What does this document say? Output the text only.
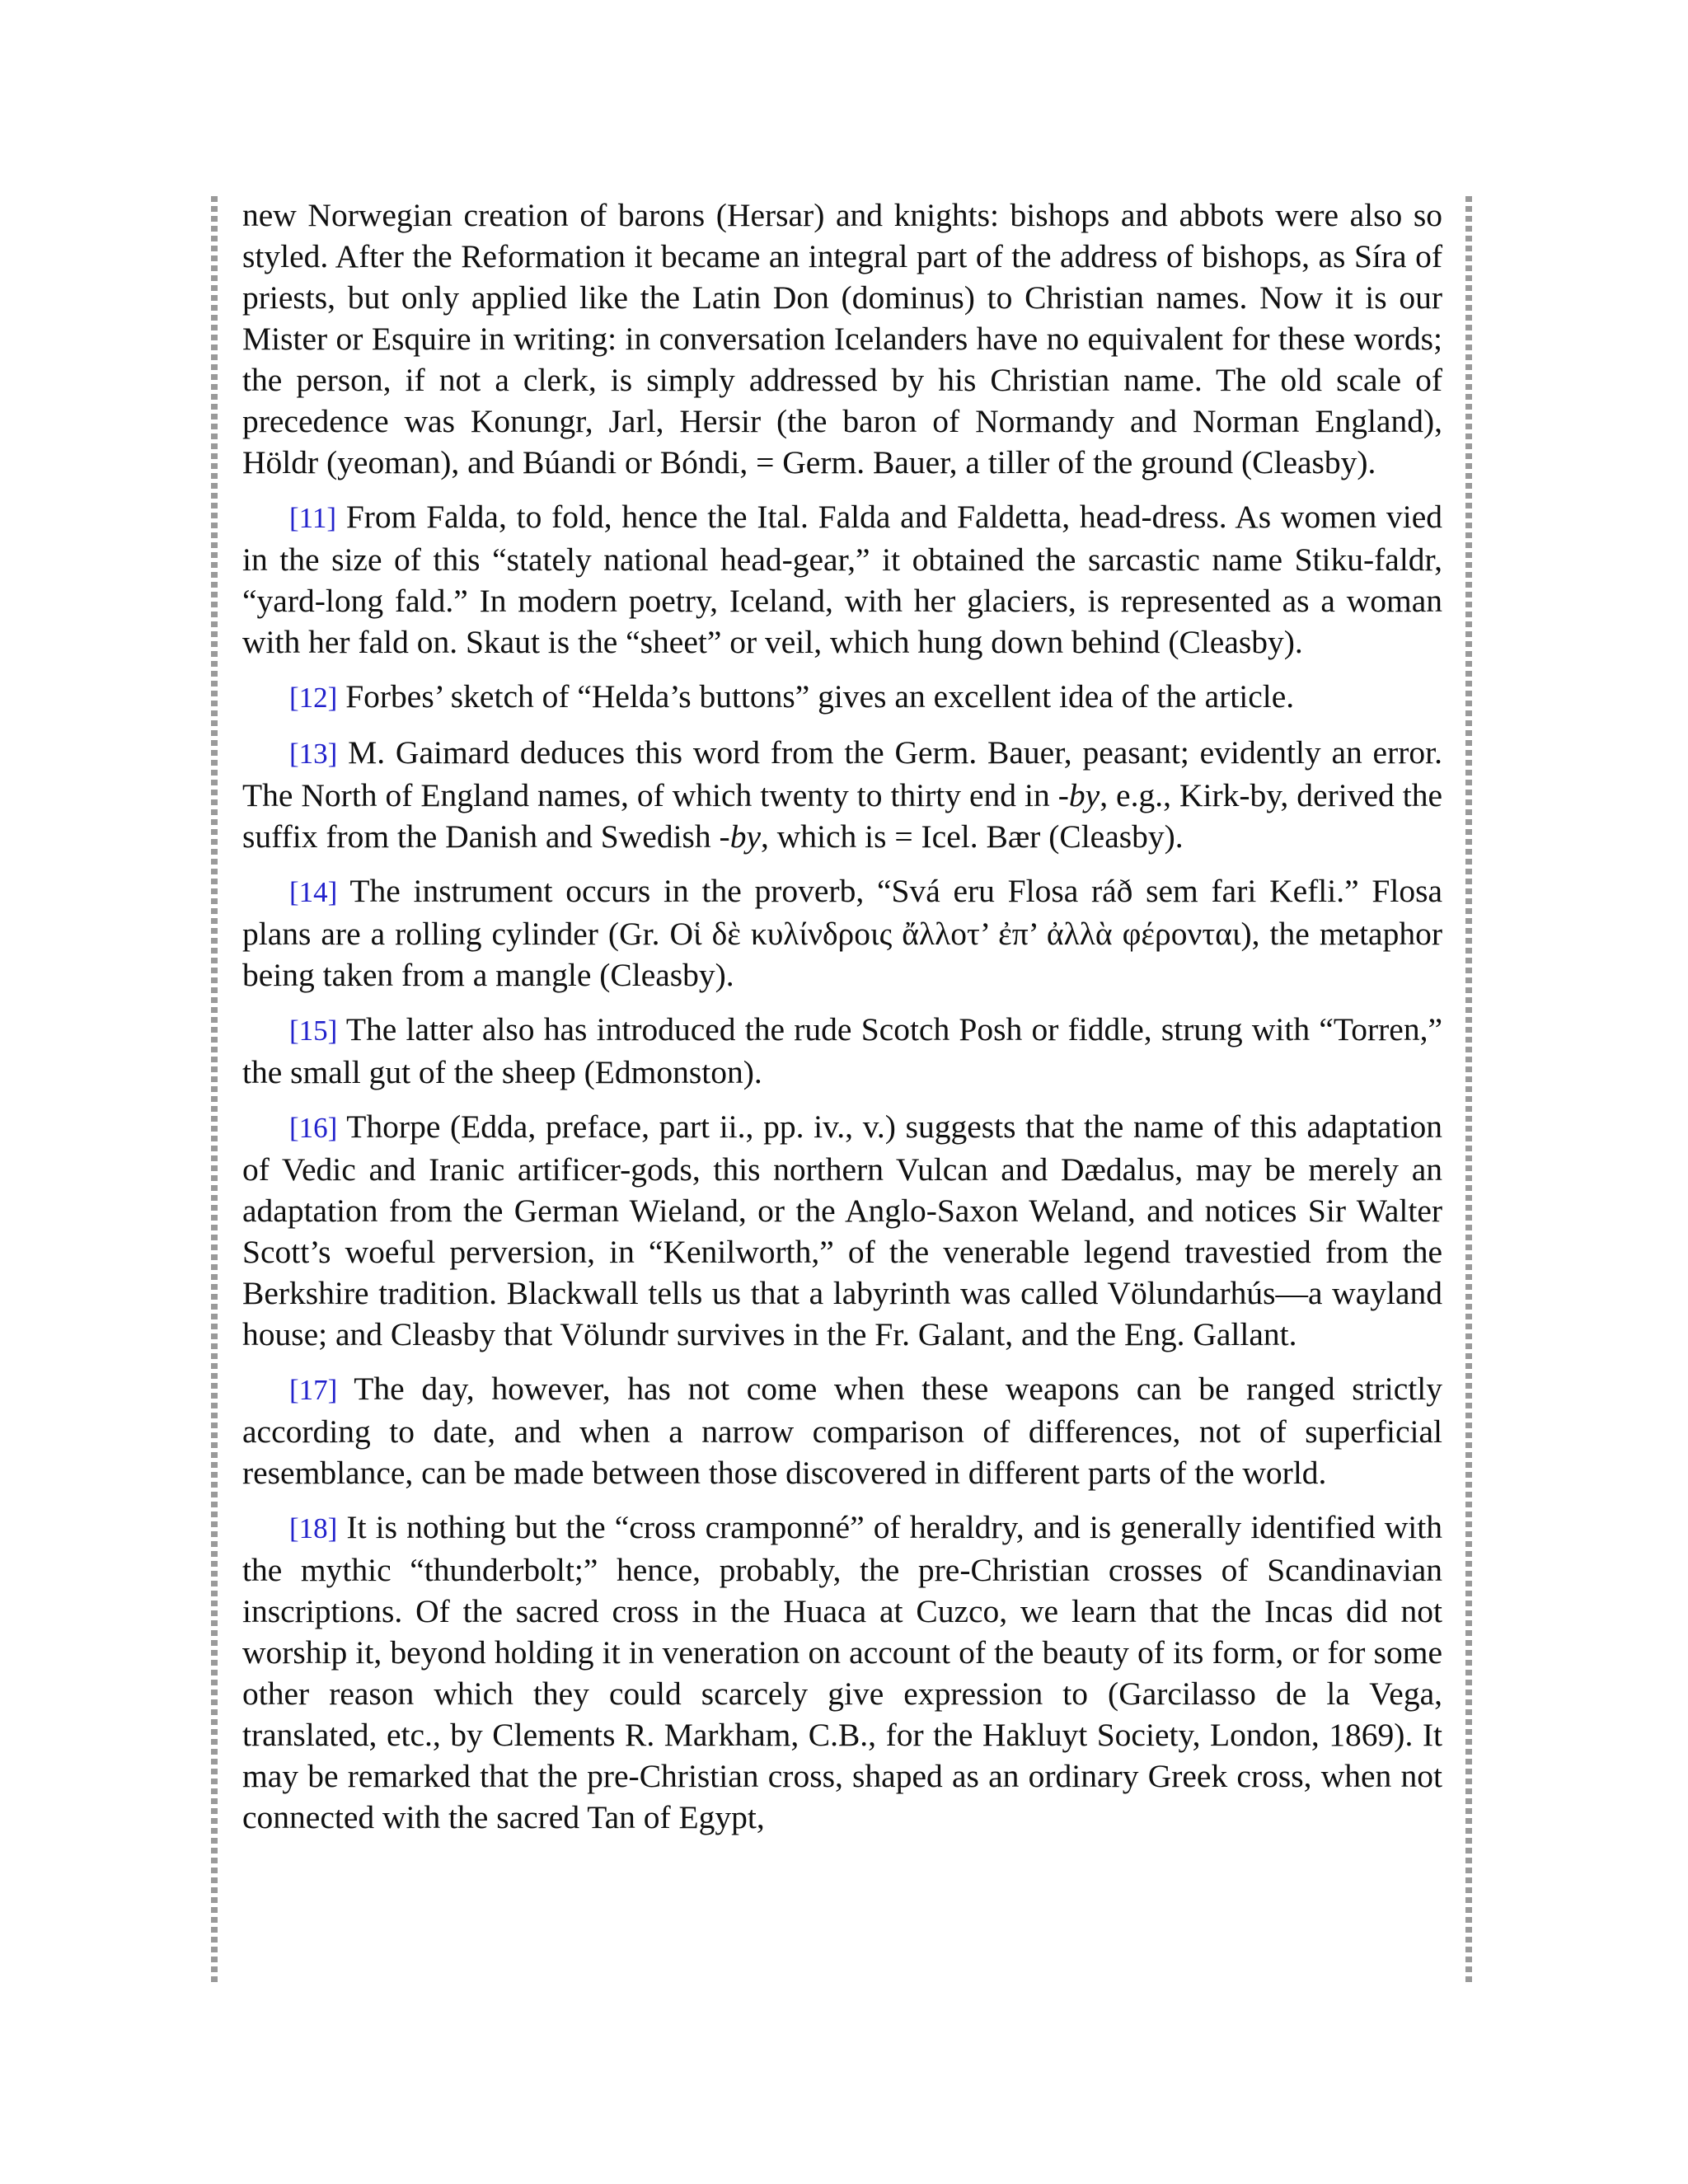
new Norwegian creation of barons (Hersar) and knights: bishops and abbots were also so styled. After the Reformation it became an integral part of the address of bishops, as Síra of priests, but only applied like the Latin Don (dominus) to Christian names. Now it is our Mister or Esquire in writing: in conversation Icelanders have no equivalent for these words; the person, if not a clerk, is simply addressed by his Christian name. The old scale of precedence was Konungr, Jarl, Hersir (the baron of Normandy and Norman England), Höldr (yeoman), and Búandi or Bóndi, = Germ. Bauer, a tiller of the ground (Cleasby).

[11] From Falda, to fold, hence the Ital. Falda and Faldetta, head-dress. As women vied in the size of this “stately national head-gear,” it obtained the sarcastic name Stiku-faldr, “yard-long fald.” In modern poetry, Iceland, with her glaciers, is represented as a woman with her fald on. Skaut is the “sheet” or veil, which hung down behind (Cleasby).

[12] Forbes’ sketch of “Helda’s buttons” gives an excellent idea of the article.

[13] M. Gaimard deduces this word from the Germ. Bauer, peasant; evidently an error. The North of England names, of which twenty to thirty end in -by, e.g., Kirk-by, derived the suffix from the Danish and Swedish -by, which is = Icel. Bær (Cleasby).

[14] The instrument occurs in the proverb, “Svá eru Flosa ráð sem fari Kefli.” Flosa plans are a rolling cylinder (Gr. Oἱ δὲ κυλίνδροις ἄλλοτ’ ἐπ’ ἀλλὰ φέρονται), the metaphor being taken from a mangle (Cleasby).

[15] The latter also has introduced the rude Scotch Posh or fiddle, strung with “Torren,” the small gut of the sheep (Edmonston).

[16] Thorpe (Edda, preface, part ii., pp. iv., v.) suggests that the name of this adaptation of Vedic and Iranic artificer-gods, this northern Vulcan and Dædalus, may be merely an adaptation from the German Wieland, or the Anglo-Saxon Weland, and notices Sir Walter Scott’s woeful perversion, in “Kenilworth,” of the venerable legend travestied from the Berkshire tradition. Blackwall tells us that a labyrinth was called Völundarhús—a wayland house; and Cleasby that Völundr survives in the Fr. Galant, and the Eng. Gallant.

[17] The day, however, has not come when these weapons can be ranged strictly according to date, and when a narrow comparison of differences, not of superficial resemblance, can be made between those discovered in different parts of the world.

[18] It is nothing but the “cross cramponné” of heraldry, and is generally identified with the mythic “thunderbolt;” hence, probably, the pre-Christian crosses of Scandinavian inscriptions. Of the sacred cross in the Huaca at Cuzco, we learn that the Incas did not worship it, beyond holding it in veneration on account of the beauty of its form, or for some other reason which they could scarcely give expression to (Garcilasso de la Vega, translated, etc., by Clements R. Markham, C.B., for the Hakluyt Society, London, 1869). It may be remarked that the pre-Christian cross, shaped as an ordinary Greek cross, when not connected with the sacred Tan of Egypt,
